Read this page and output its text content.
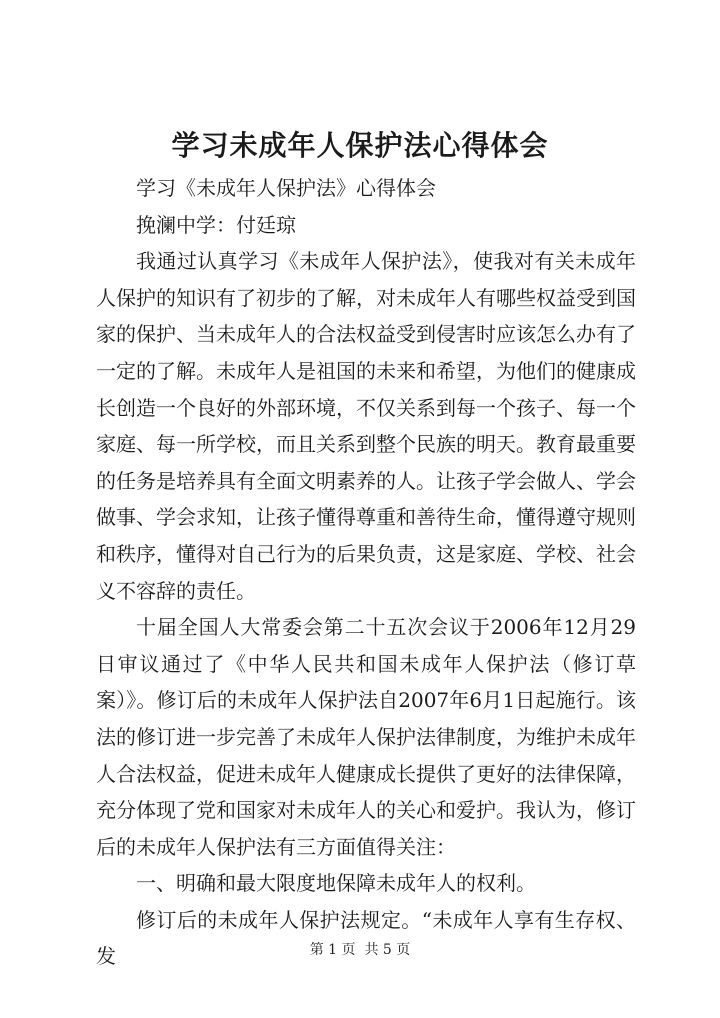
学习未成年人保护法心得体会

学习《未成年人保护法》心得体会

挽澜中学：付廷琼

我通过认真学习《未成年人保护法》，使我对有关未成年人保护的知识有了初步的了解，对未成年人有哪些权益受到国家的保护、当未成年人的合法权益受到侵害时应该怎么办有了一定的了解。未成年人是祖国的未来和希望，为他们的健康成长创造一个良好的外部环境，不仅关系到每一个孩子、每一个家庭、每一所学校，而且关系到整个民族的明天。教育最重要的任务是培养具有全面文明素养的人。让孩子学会做人、学会做事、学会求知，让孩子懂得尊重和善待生命，懂得遵守规则和秩序，懂得对自己行为的后果负责，这是家庭、学校、社会义不容辞的责任。

十届全国人大常委会第二十五次会议于2006年12月29日审议通过了《中华人民共和国未成年人保护法（修订草案）》。修订后的未成年人保护法自2007年6月1日起施行。该法的修订进一步完善了未成年人保护法律制度，为维护未成年人合法权益，促进未成年人健康成长提供了更好的法律保障，充分体现了党和国家对未成年人的关心和爱护。我认为，修订后的未成年人保护法有三方面值得关注：

一、明确和最大限度地保障未成年人的权利。

修订后的未成年人保护法规定。“未成年人享有生存权、发	第 1 页  共 5 页
